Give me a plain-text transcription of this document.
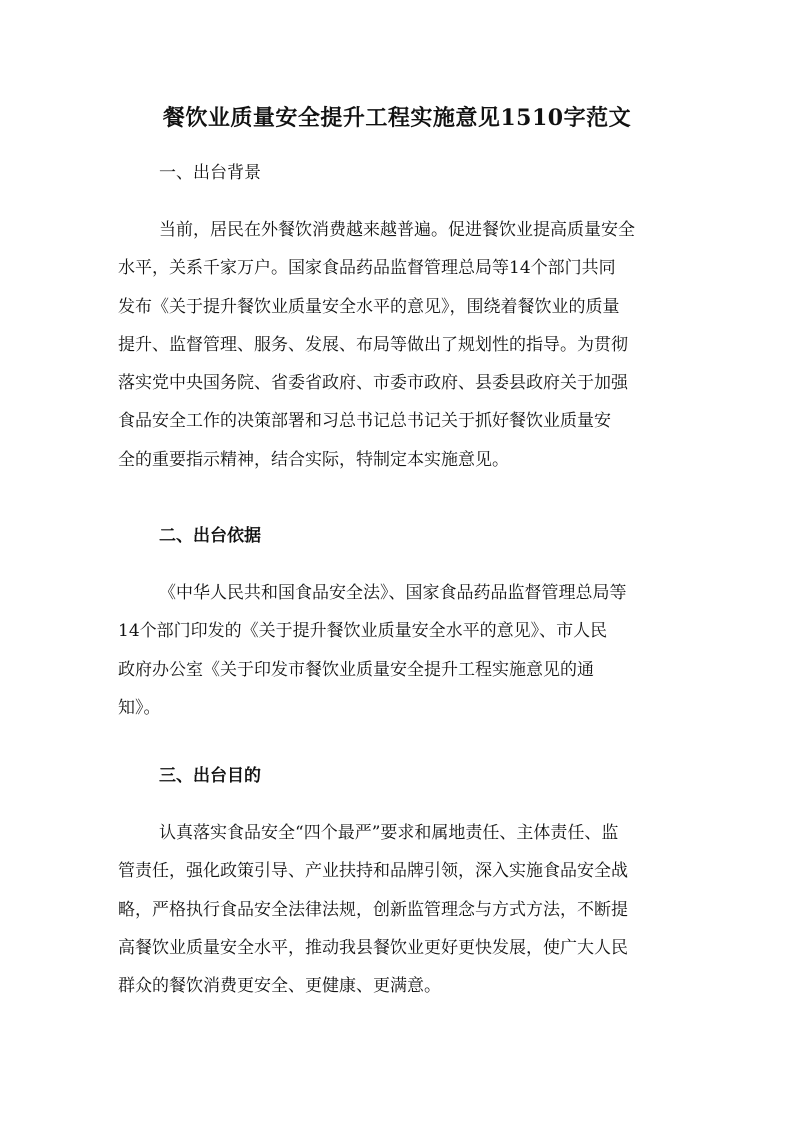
餐饮业质量安全提升工程实施意见1510字范文
一、出台背景
当前，居民在外餐饮消费越来越普遍。促进餐饮业提高质量安全
水平，关系千家万户。国家食品药品监督管理总局等14个部门共同
发布《关于提升餐饮业质量安全水平的意见》，围绕着餐饮业的质量
提升、监督管理、服务、发展、布局等做出了规划性的指导。为贯彻
落实党中央国务院、省委省政府、市委市政府、县委县政府关于加强
食品安全工作的决策部署和习总书记总书记关于抓好餐饮业质量安
全的重要指示精神，结合实际，特制定本实施意见。
二、出台依据
《中华人民共和国食品安全法》、国家食品药品监督管理总局等
14个部门印发的《关于提升餐饮业质量安全水平的意见》、市人民
政府办公室《关于印发市餐饮业质量安全提升工程实施意见的通
知》。
三、出台目的
认真落实食品安全“四个最严”要求和属地责任、主体责任、监
管责任，强化政策引导、产业扶持和品牌引领，深入实施食品安全战
略，严格执行食品安全法律法规，创新监管理念与方式方法，不断提
高餐饮业质量安全水平，推动我县餐饮业更好更快发展，使广大人民
群众的餐饮消费更安全、更健康、更满意。
